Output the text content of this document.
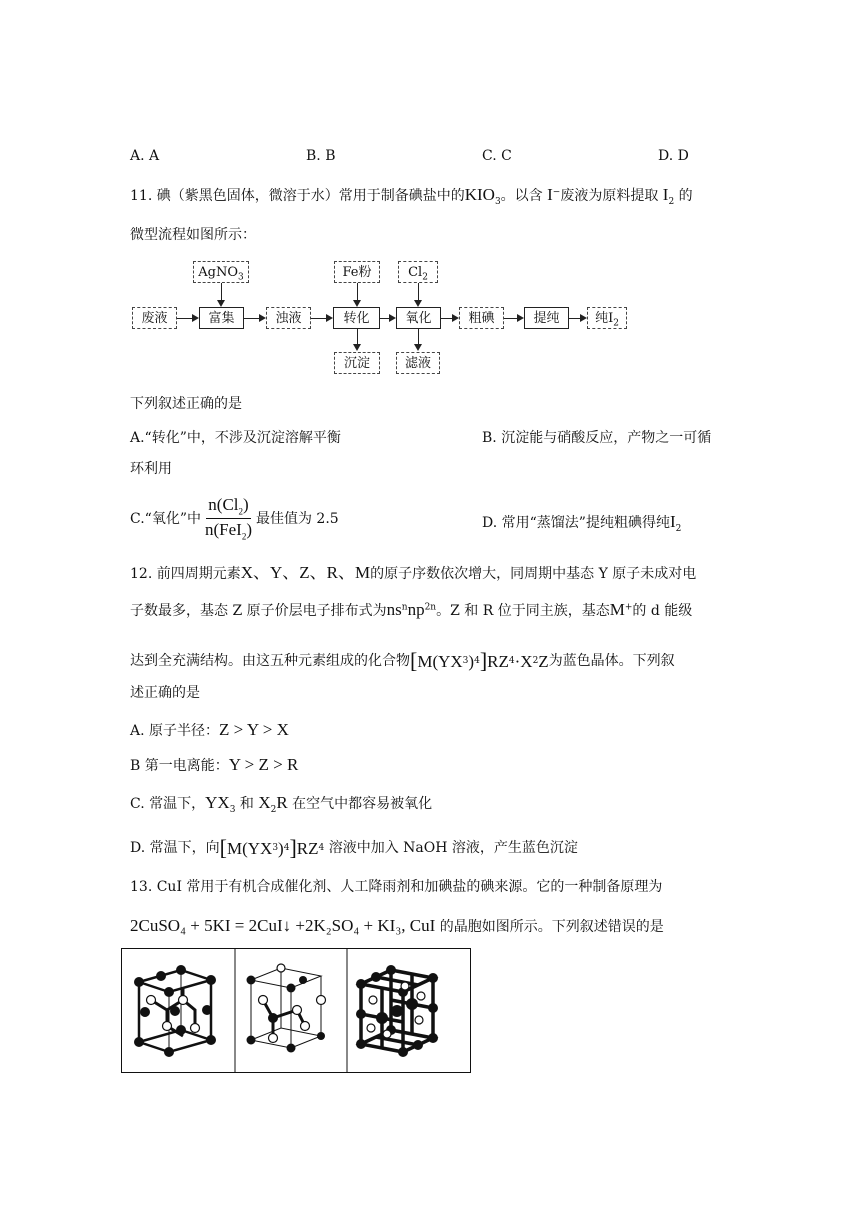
A. A	B. B	C. C	D. D
11. 碘（紫黑色固体，微溶于水）常用于制备碘盐中的$KIO_3$。以含 I−废液为原料提取 $I_2$ 的
微型流程如图所示：
AgNO$_3$	Fe粉	$Cl_2$
废液	富集	浊液	转化	氧化	粗碘	提纯	纯$I_2$
沉淀	滤液
下列叙述正确的是
A.“转化”中，不涉及沉淀溶解平衡	B. 沉淀能与硝酸反应，产物之一可循
环利用
C.“氧化”中 $\frac{n(Cl_2)}{n(FeI_2)}$ 最佳值为 2.5	D. 常用“蒸馏法”提纯粗碘得纯$I_2$
12. 前四周期元素X、Y、Z、R、M的原子序数依次增大，同周期中基态 Y 原子未成对电
子数最多，基态 Z 原子价层电子排布式为$ns^nnp^{2n}$。Z 和 R 位于同主族，基态M+的 d 能级
达到全充满结构。由这五种元素组成的化合物 [ M(YX 3 ) 4 ] RZ 4 ·X 2 Z 为蓝色晶体。下列叙
述正确的是
A. 原子半径：Z > Y > X
B 第一电离能：Y > Z > R
C. 常温下，$YX_3$ 和 $X_2R$ 在空气中都容易被氧化
D. 常温下，向 [ M(YX 3 ) 4 ] RZ 4
溶液中加入 NaOH 溶液，产生蓝色沉淀
13. CuI 常用于有机合成催化剂、人工降雨剂和加碘盐的碘来源。它的一种制备原理为
2CuSO₄ + 5KI = 2CuI↓ +2K₂SO₄ + KI₃, CuI 的晶胞如图所示。下列叙述错误的是
